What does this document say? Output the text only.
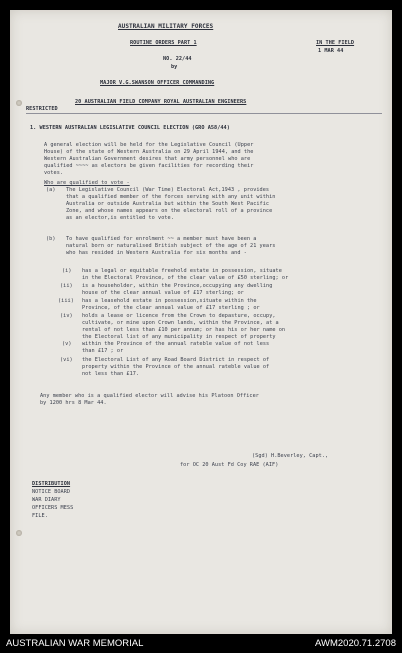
AUSTRALIAN MILITARY FORCES
ROUTINE ORDERS PART 1	IN THE FIELD
1 MAR 44
NO. 22/44
by
MAJOR V.G.SWANSON OFFICER COMMANDING
20 AUSTRALIAN FIELD COMPANY ROYAL AUSTRALIAN ENGINEERS
RESTRICTED
1. WESTERN AUSTRALIAN LEGISLATIVE COUNCIL ELECTION (GRO A58/44)
A general election will be held for the Legislative Council (Upper
House) of the state of Western Australia on 29 April 1944, and the
Western Australian Government desires that army personnel who are
qualified ~~~~ as electors be given facilities for recording their
votes.
Who are qualified to vote -
(a) The Legislative Council (War Time) Electoral Act,1943 , provides
that a qualified member of the forces serving with any unit within
Australia or outside Australia but within the South West Pacific
Zone, and whose names appears on the electoral roll of a province
as an elector,is entitled to vote.
(b) To have qualified for enrolment ~~ a member must have been a
natural born or naturalised British subject of the age of 21 years
who has resided in Western Australia for six months and -
(i) has a legal or equitable freehold estate in possession, situate
in the Electoral Province, of the clear value of £50 sterling; or
(ii) is a householder, within the Province,occupying any dwelling
house of the clear annual value of £17 sterling; or
(iii) has a leasehold estate in possession,situate within the
Province, of the clear annual value of £17 sterling ; or
(iv) holds a lease or licence from the Crown to depasture, occupy,
cultivate, or mine upon Crown lands, within the Province, at a
rental of not less than £10 per annum; or has his or her name on
(v)
the Electoral list of any municipality in respect of property
within the Province of the annual rateble value of not less
than £17 ; or
(vi) the Electoral List of any Road Board District in respect of
property within the Province of the annual rateble value of
not less than £17.
Any member who is a qualified elector will advise his Platoon Officer
by 1200 hrs 8 Mar 44.
(Sgd) H.Beverley, Capt.,
for OC 20 Aust Fd Coy RAE (AIF)
DISTRIBUTION
NOTICE BOARD
WAR DIARY
OFFICERS MESS
FILE.
AUSTRALIAN WAR MEMORIAL	AWM2020.71.2708
